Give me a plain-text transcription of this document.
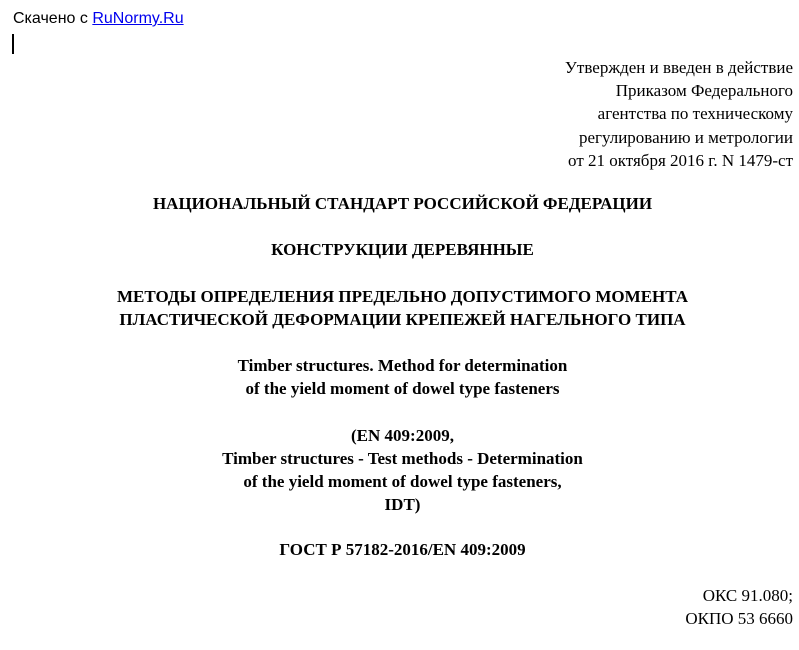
Скачено с RuNormy.Ru
Утвержден и введен в действие
Приказом Федерального
агентства по техническому
регулированию и метрологии
от 21 октября 2016 г. N 1479-ст
НАЦИОНАЛЬНЫЙ СТАНДАРТ РОССИЙСКОЙ ФЕДЕРАЦИИ
КОНСТРУКЦИИ ДЕРЕВЯННЫЕ
МЕТОДЫ ОПРЕДЕЛЕНИЯ ПРЕДЕЛЬНО ДОПУСТИМОГО МОМЕНТА
ПЛАСТИЧЕСКОЙ ДЕФОРМАЦИИ КРЕПЕЖЕЙ НАГЕЛЬНОГО ТИПА
Timber structures. Method for determination
of the yield moment of dowel type fasteners
(EN 409:2009,
Timber structures - Test methods - Determination
of the yield moment of dowel type fasteners,
IDT)
ГОСТ Р 57182-2016/EN 409:2009
ОКС 91.080;
ОКПО 53 6660
